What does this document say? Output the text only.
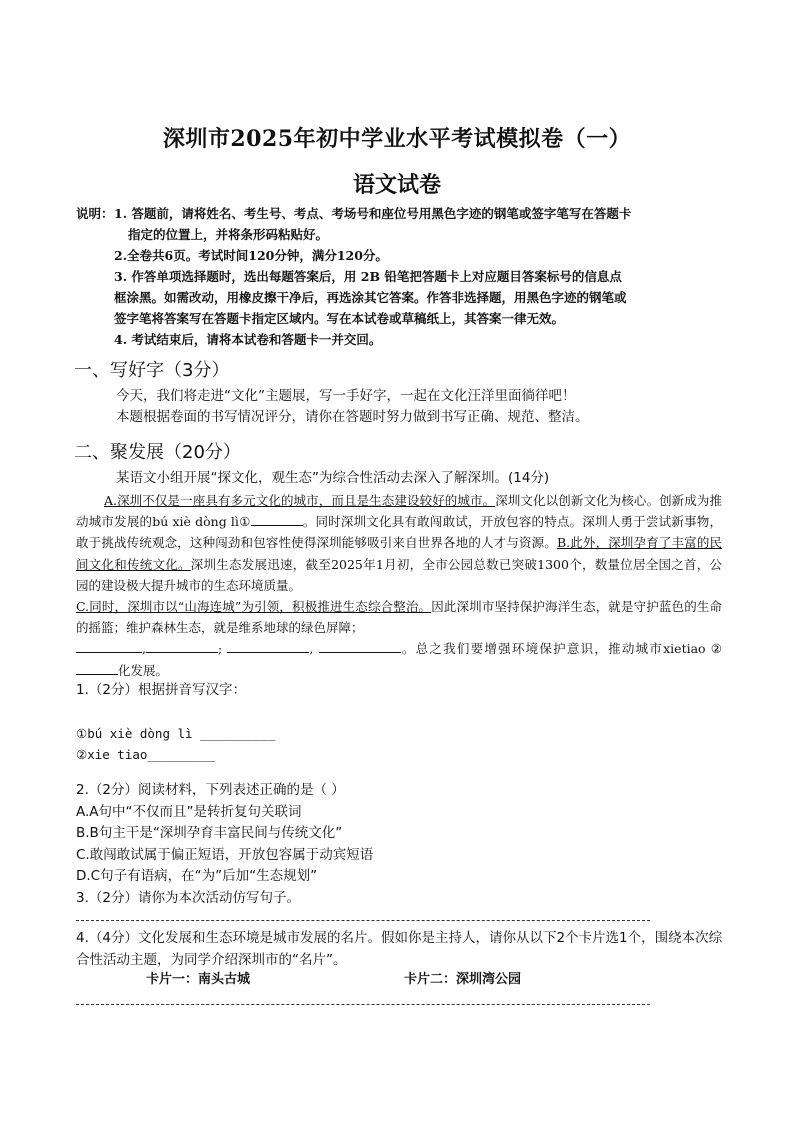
深圳市2025年初中学业水平考试模拟卷（一）
语文试卷
说明： 1. 答题前，请将姓名、考生号、考点、考场号和座位号用黑色字迹的钢笔或签字笔写在答题卡
指定的位置上，并将条形码粘贴好。
2.全卷共6页。考试时间120分钟，满分120分。
3. 作答单项选择题时，选出每题答案后，用 2B 铅笔把答题卡上对应题目答案标号的信息点
框涂黑。如需改动，用橡皮擦干净后，再选涂其它答案。作答非选择题，用黑色字迹的钢笔或
签字笔将答案写在答题卡指定区域内。写在本试卷或草稿纸上，其答案一律无效。
4. 考试结束后，请将本试卷和答题卡一并交回。
一、写好字（3分）

今天，我们将走进“文化”主题展，写一手好字，一起在文化汪洋里面徜徉吧！

本题根据卷面的书写情况评分，请你在答题时努力做到书写正确、规范、整洁。

二、聚发展（20分）
某语文小组开展“探文化，观生态”为综合性活动去深入了解深圳。(14分)

A.深圳不仅是一座具有多元文化的城市，而且是生态建设较好的城市。深圳文化以创新文化为核心。创新成为推动城市发展的bú xiè dòng lì①	。同时深圳文化具有敢闯敢试，开放包容的特点。深圳人勇于尝试新事物，敢于挑战传统观念，这种闯劲和包容性使得深圳能够吸引来自世界各地的人才与资源。B.此外，深圳孕育了丰富的民间文化和传统文化。深圳生态发展迅速，截至2025年1月初，全市公园总数已突破1300个，数量位居全国之首，公园的建设极大提升城市的生态环境质量。

C.同时，深圳市以“山海连城”为引领，积极推进生态综合整治。因此深圳市坚持保护海洋生态，就是守护蓝色的生命的摇篮；维护森林生态，就是维系地球的绿色屏障；

,	;	,	。总之我们要增强环境保护意识，推动城市xietiao ②化发展。

1.（2分）根据拼音写汉字：

①bú xiè dòng lì __________

②xie tiao_________

2.（2分）阅读材料，下列表述正确的是（ ）

A.A句中“不仅而且”是转折复句关联词

B.B句主干是“深圳孕育丰富民间与传统文化”

C.敢闯敢试属于偏正短语，开放包容属于动宾短语

D.C句子有语病，在“为”后加“生态规划”

3.（2分）请你为本次活动仿写句子。

4.（4分）文化发展和生态环境是城市发展的名片。假如你是主持人，请你从以下2个卡片选1个，围绕本次综合性活动主题，为同学介绍深圳市的“名片”。

卡片一：南头古城	卡片二：深圳湾公园
